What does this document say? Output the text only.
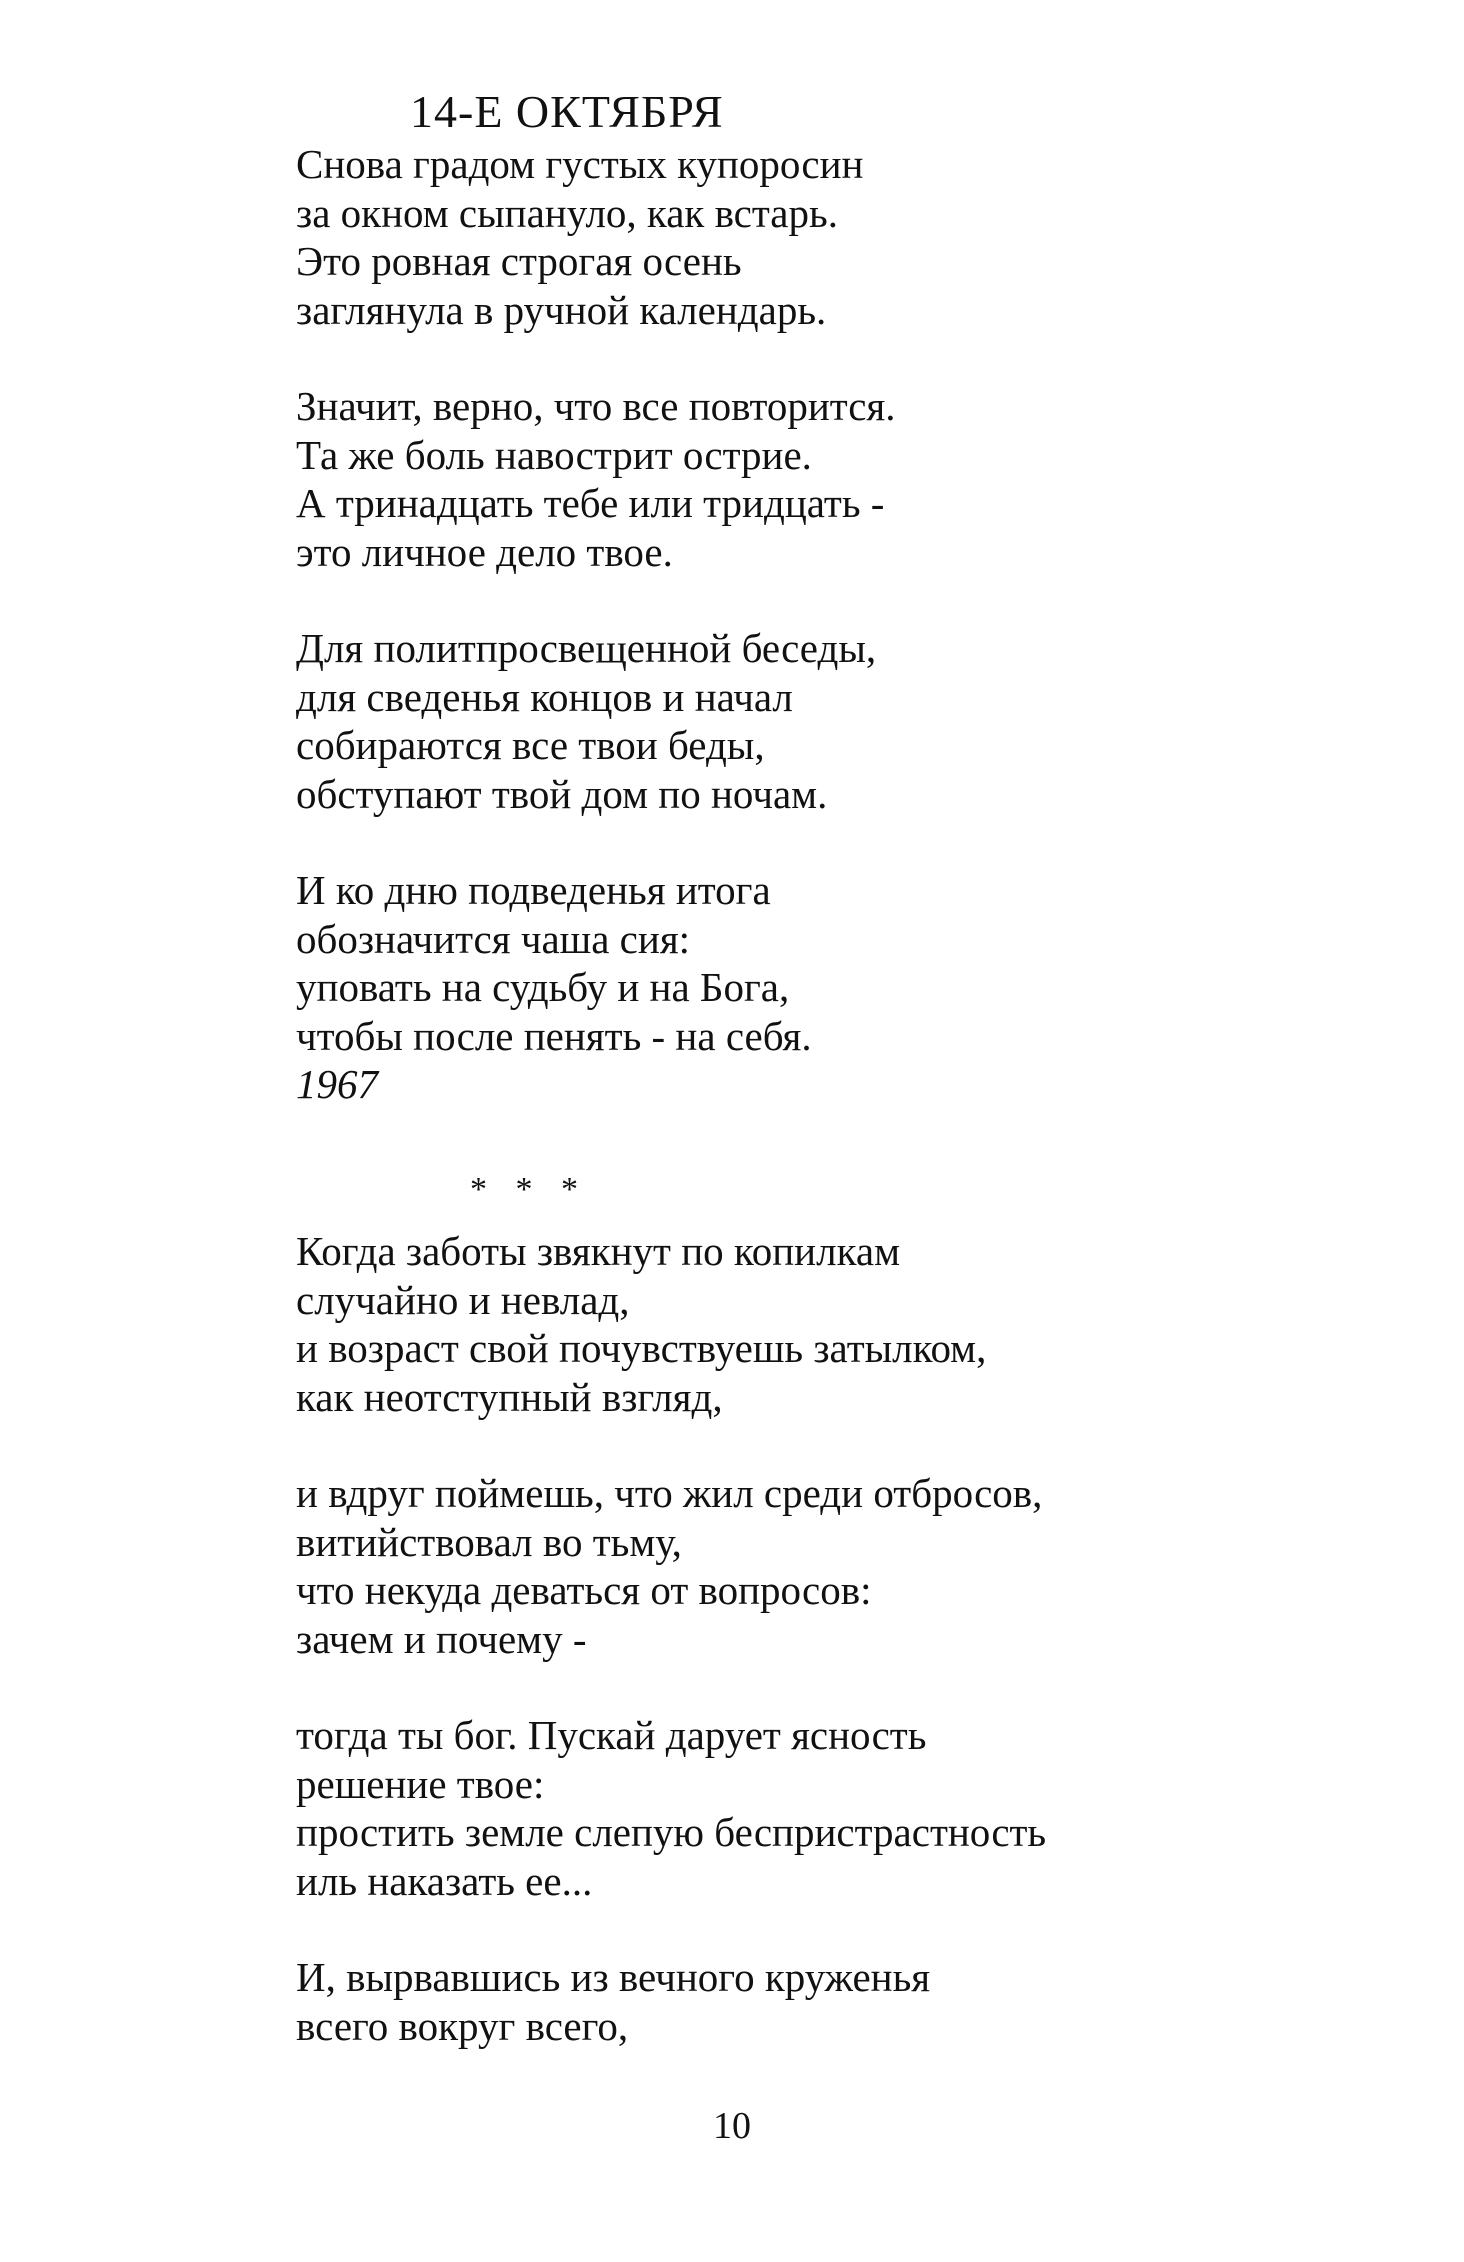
14-Е ОКТЯБРЯ
Снова градом густых купоросин
за окном сыпануло, как встарь.
Это ровная строгая осень
заглянула в ручной календарь.
Значит, верно, что все повторится.
Та же боль навострит острие.
А тринадцать тебе или тридцать -
это личное дело твое.
Для политпросвещенной беседы,
для сведенья концов и начал
собираются все твои беды,
обступают твой дом по ночам.
И ко дню подведенья итога
обозначится чаша сия:
уповать на судьбу и на Бога,
чтобы после пенять - на себя.
1967
* * *
Когда заботы звякнут по копилкам
случайно и невлад,
и возраст свой почувствуешь затылком,
как неотступный взгляд,
и вдруг поймешь, что жил среди отбросов,
витийствовал во тьму,
что некуда деваться от вопросов:
зачем и почему -
тогда ты бог. Пускай дарует ясность
решение твое:
простить земле слепую беспристрастность
иль наказать ее...
И, вырвавшись из вечного круженья
всего вокруг всего,
10
